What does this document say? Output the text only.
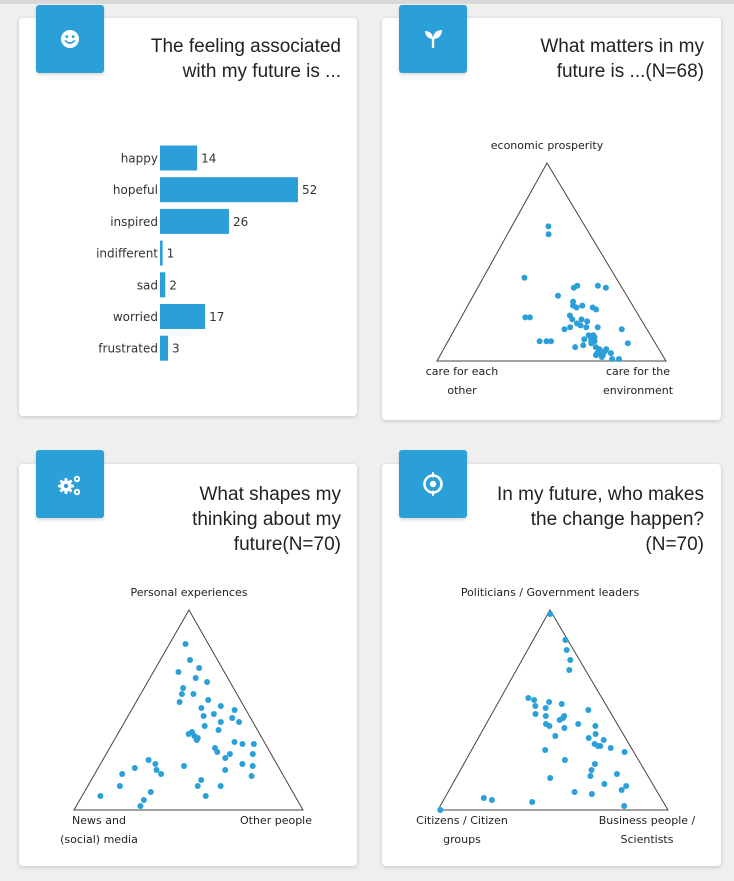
The feeling associated
with my future is ...
happy	14
hopeful	52
inspired	26
indifferent 1
sad 2
worried	17
frustrated 3
What matters in my
future is ...(N=68)
economic prosperity
care for each
other
care for the
environment
What shapes my
thinking about my
future(N=70)
Personal experiences
News and
(social) media
Other people
In my future, who makes
the change happen?
(N=70)
Politicians / Government leaders
Citizens / Citizen
groups
Business people /
Scientists
